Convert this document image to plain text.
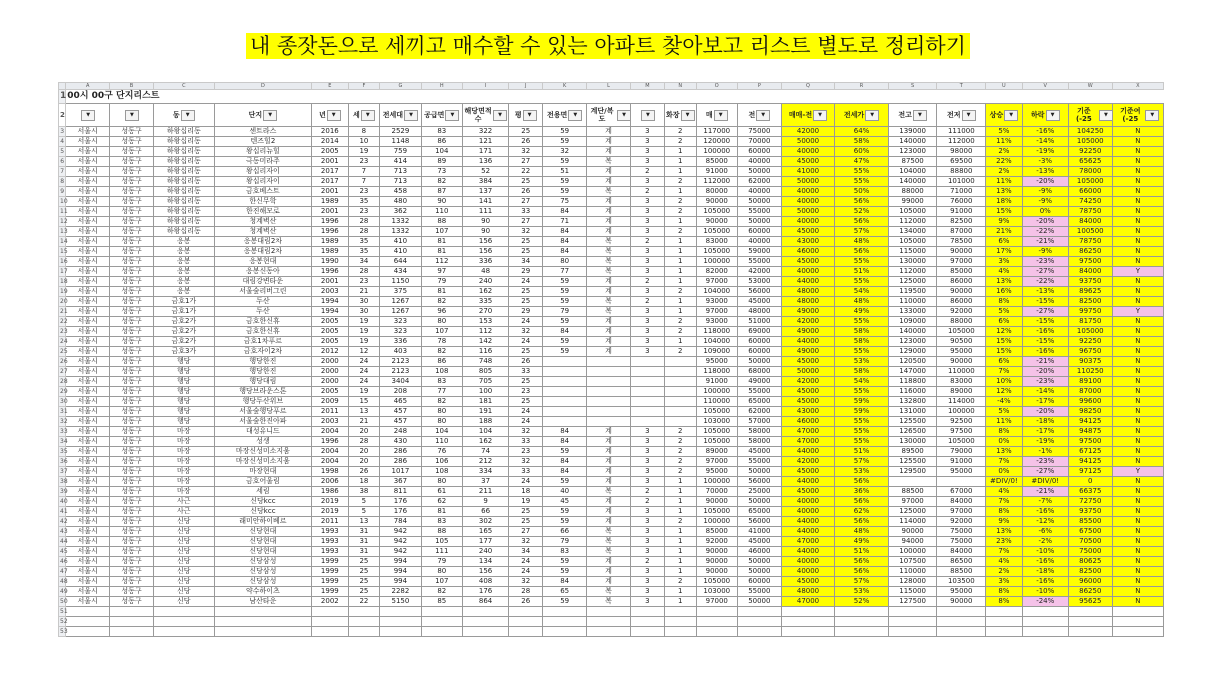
내 종잣돈으로 세끼고 매수할 수 있는 아파트 찾아보고 리스트 별도로 정리하기
	A	B	C	D	E	F	G	H	I	J	K	L	M	N	O	P	Q	R	S	T	U	V	W	X
1	00시 00구 단지리스트																							
2	▼	▼	동 ▼	단지 ▼	년 ▼	세 ▼	전세대 ▼	공급면 ▼	해당면적수▼	평 ▼	전용면 ▼	계단/복도▼	▼	화장 ▼	매 ▼	전 ▼	매매-전 ▼	전세가 ▼	전고 ▼	전저 ▼	상승 ▼	하락 ▼	기준(-25▼	기준여(-25▼
3	서울시	성동구	하왕십리동	센트라스	2016	8	2529	83	322	25	59	계	3	2	117000	75000	42000	64%	139000	111000	5%	-16%	104250	N
4	서울시	성동구	하왕십리동	텐즈힐2	2014	10	1148	86	121	26	59	계	3	2	120000	70000	50000	58%	140000	112000	11%	-14%	105000	N
5	서울시	성동구	하왕십리동	왕십리뉴힐	2005	19	759	104	171	32	32	계	3	1	100000	60000	40000	60%	123000	98000	2%	-19%	92250	N
6	서울시	성동구	하왕십리동	극동미라주	2001	23	414	89	136	27	59	복	3	1	85000	40000	45000	47%	87500	69500	22%	-3%	65625	N
7	서울시	성동구	하왕십리동	왕십리자이	2017	7	713	73	52	22	51	계	2	1	91000	50000	41000	55%	104000	88800	2%	-13%	78000	N
8	서울시	성동구	하왕십리동	왕십리자이	2017	7	713	82	384	25	59	계	3	2	112000	62000	50000	55%	140000	101000	11%	-20%	105000	N
9	서울시	성동구	하왕십리동	금호베스트	2001	23	458	87	137	26	59	복	2	1	80000	40000	40000	50%	88000	71000	13%	-9%	66000	N
10	서울시	성동구	하왕십리동	한신무학	1989	35	480	90	141	27	75	계	3	2	90000	50000	40000	56%	99000	76000	18%	-9%	74250	N
11	서울시	성동구	하왕십리동	한진해모로	2001	23	362	110	111	33	84	계	3	2	105000	55000	50000	52%	105000	91000	15%	0%	78750	N
12	서울시	성동구	하왕십리동	청계벽산	1996	28	1332	88	90	27	71	계	3	1	90000	50000	40000	56%	112000	82500	9%	-20%	84000	N
13	서울시	성동구	하왕십리동	청계벽산	1996	28	1332	107	90	32	84	계	3	2	105000	60000	45000	57%	134000	87000	21%	-22%	100500	N
14	서울시	성동구	응봉	응봉대림2차	1989	35	410	81	156	25	84	복	2	1	83000	40000	43000	48%	105000	78500	6%	-21%	78750	N
15	서울시	성동구	응봉	응봉대림2차	1989	35	410	81	156	25	84	복	3	1	105000	59000	46000	56%	115000	90000	17%	-9%	86250	N
16	서울시	성동구	응봉	응봉현대	1990	34	644	112	336	34	80	복	3	1	100000	55000	45000	55%	130000	97000	3%	-23%	97500	N
17	서울시	성동구	응봉	응봉신동아	1996	28	434	97	48	29	77	복	3	1	82000	42000	40000	51%	112000	85000	4%	-27%	84000	Y
18	서울시	성동구	응봉	대림강변타운	2001	23	1150	79	240	24	59	계	2	1	97000	53000	44000	55%	125000	86000	13%	-22%	93750	N
19	서울시	성동구	응봉	서울숲리버그린	2003	21	375	81	162	25	59	계	3	2	104000	56000	48000	54%	119500	90000	16%	-13%	89625	N
20	서울시	성동구	금호1가	두산	1994	30	1267	82	335	25	59	복	2	1	93000	45000	48000	48%	110000	86000	8%	-15%	82500	N
21	서울시	성동구	금호1가	두산	1994	30	1267	96	270	29	79	복	3	1	97000	48000	49000	49%	133000	92000	5%	-27%	99750	Y
22	서울시	성동구	금호2가	금호한신휴	2005	19	323	80	153	24	59	계	3	2	93000	51000	42000	55%	109000	88000	6%	-15%	81750	N
23	서울시	성동구	금호2가	금호한신휴	2005	19	323	107	112	32	84	계	3	2	118000	69000	49000	58%	140000	105000	12%	-16%	105000	N
24	서울시	성동구	금호2가	금호1차푸르	2005	19	336	78	142	24	59	계	3	1	104000	60000	44000	58%	123000	90500	15%	-15%	92250	N
25	서울시	성동구	금호3가	금호자이2차	2012	12	403	82	116	25	59	계	3	2	109000	60000	49000	55%	129000	95000	15%	-16%	96750	N
26	서울시	성동구	행당	행당한진	2000	24	2123	86	748	26					95000	50000	45000	53%	120500	90000	6%	-21%	90375	N
27	서울시	성동구	행당	행당한진	2000	24	2123	108	805	33					118000	68000	50000	58%	147000	110000	7%	-20%	110250	N
28	서울시	성동구	행당	행당대림	2000	24	3404	83	705	25					91000	49000	42000	54%	118800	83000	10%	-23%	89100	N
29	서울시	성동구	행당	행당브라운스톤	2005	19	208	77	100	23					100000	55000	45000	55%	116000	89000	12%	-14%	87000	N
30	서울시	성동구	행당	행당두산위브	2009	15	465	82	181	25					110000	65000	45000	59%	132800	114000	-4%	-17%	99600	N
31	서울시	성동구	행당	서울숲행당푸르	2011	13	457	80	191	24					105000	62000	43000	59%	131000	100000	5%	-20%	98250	N
32	서울시	성동구	행당	서울숲한진아파	2003	21	457	80	188	24					103000	57000	46000	55%	125500	92500	11%	-18%	94125	N
33	서울시	성동구	마장	대성유니드	2004	20	248	104	104	32	84	계	3	2	105000	58000	47000	55%	126500	97500	8%	-17%	94875	N
34	서울시	성동구	마장	성생	1996	28	430	110	162	33	84	계	3	2	105000	58000	47000	55%	130000	105000	0%	-19%	97500	N
35	서울시	성동구	마장	마장신성미소지움	2004	20	286	76	74	23	59	계	3	2	89000	45000	44000	51%	89500	79000	13%	-1%	67125	N
36	서울시	성동구	마장	마장신성미소지움	2004	20	286	106	212	32	84	계	3	2	97000	55000	42000	57%	125500	91000	7%	-23%	94125	N
37	서울시	성동구	마장	마장현대	1998	26	1017	108	334	33	84	계	3	2	95000	50000	45000	53%	129500	95000	0%	-27%	97125	Y
38	서울시	성동구	마장	금호어울림	2006	18	367	80	37	24	59	계	3	1	100000	56000	44000	56%			#DIV/0!	#DIV/0!	0	N
39	서울시	성동구	마장	세림	1986	38	811	61	211	18	40	복	2	1	70000	25000	45000	36%	88500	67000	4%	-21%	66375	N
40	서울시	성동구	사근	신당kcc	2019	5	176	62	9	19	45	계	2	1	90000	50000	40000	56%	97000	84000	7%	-7%	72750	N
41	서울시	성동구	사근	신당kcc	2019	5	176	81	66	25	59	계	3	1	105000	65000	40000	62%	125000	97000	8%	-16%	93750	N
42	서울시	성동구	신당	래미안하이베르	2011	13	784	83	302	25	59	계	3	2	100000	56000	44000	56%	114000	92000	9%	-12%	85500	N
43	서울시	성동구	신당	신당현대	1993	31	942	88	165	27	66	복	3	1	85000	41000	44000	48%	90000	75000	13%	-6%	67500	N
44	서울시	성동구	신당	신당현대	1993	31	942	105	177	32	79	복	3	1	92000	45000	47000	49%	94000	75000	23%	-2%	70500	N
45	서울시	성동구	신당	신당현대	1993	31	942	111	240	34	83	복	3	1	90000	46000	44000	51%	100000	84000	7%	-10%	75000	N
46	서울시	성동구	신당	신당삼성	1999	25	994	79	134	24	59	계	2	1	90000	50000	40000	56%	107500	86500	4%	-16%	80625	N
47	서울시	성동구	신당	신당삼성	1999	25	994	80	156	24	59	계	3	1	90000	50000	40000	56%	110000	88500	2%	-18%	82500	N
48	서울시	성동구	신당	신당삼성	1999	25	994	107	408	32	84	계	3	2	105000	60000	45000	57%	128000	103500	3%	-16%	96000	N
49	서울시	성동구	신당	약수하이츠	1999	25	2282	82	176	28	65	복	3	1	103000	55000	48000	53%	115000	95000	8%	-10%	86250	N
50	서울시	성동구	신당	남산타운	2002	22	5150	85	864	26	59	복	3	1	97000	50000	47000	52%	127500	90000	8%	-24%	95625	N
51																								
52																								
53																								
